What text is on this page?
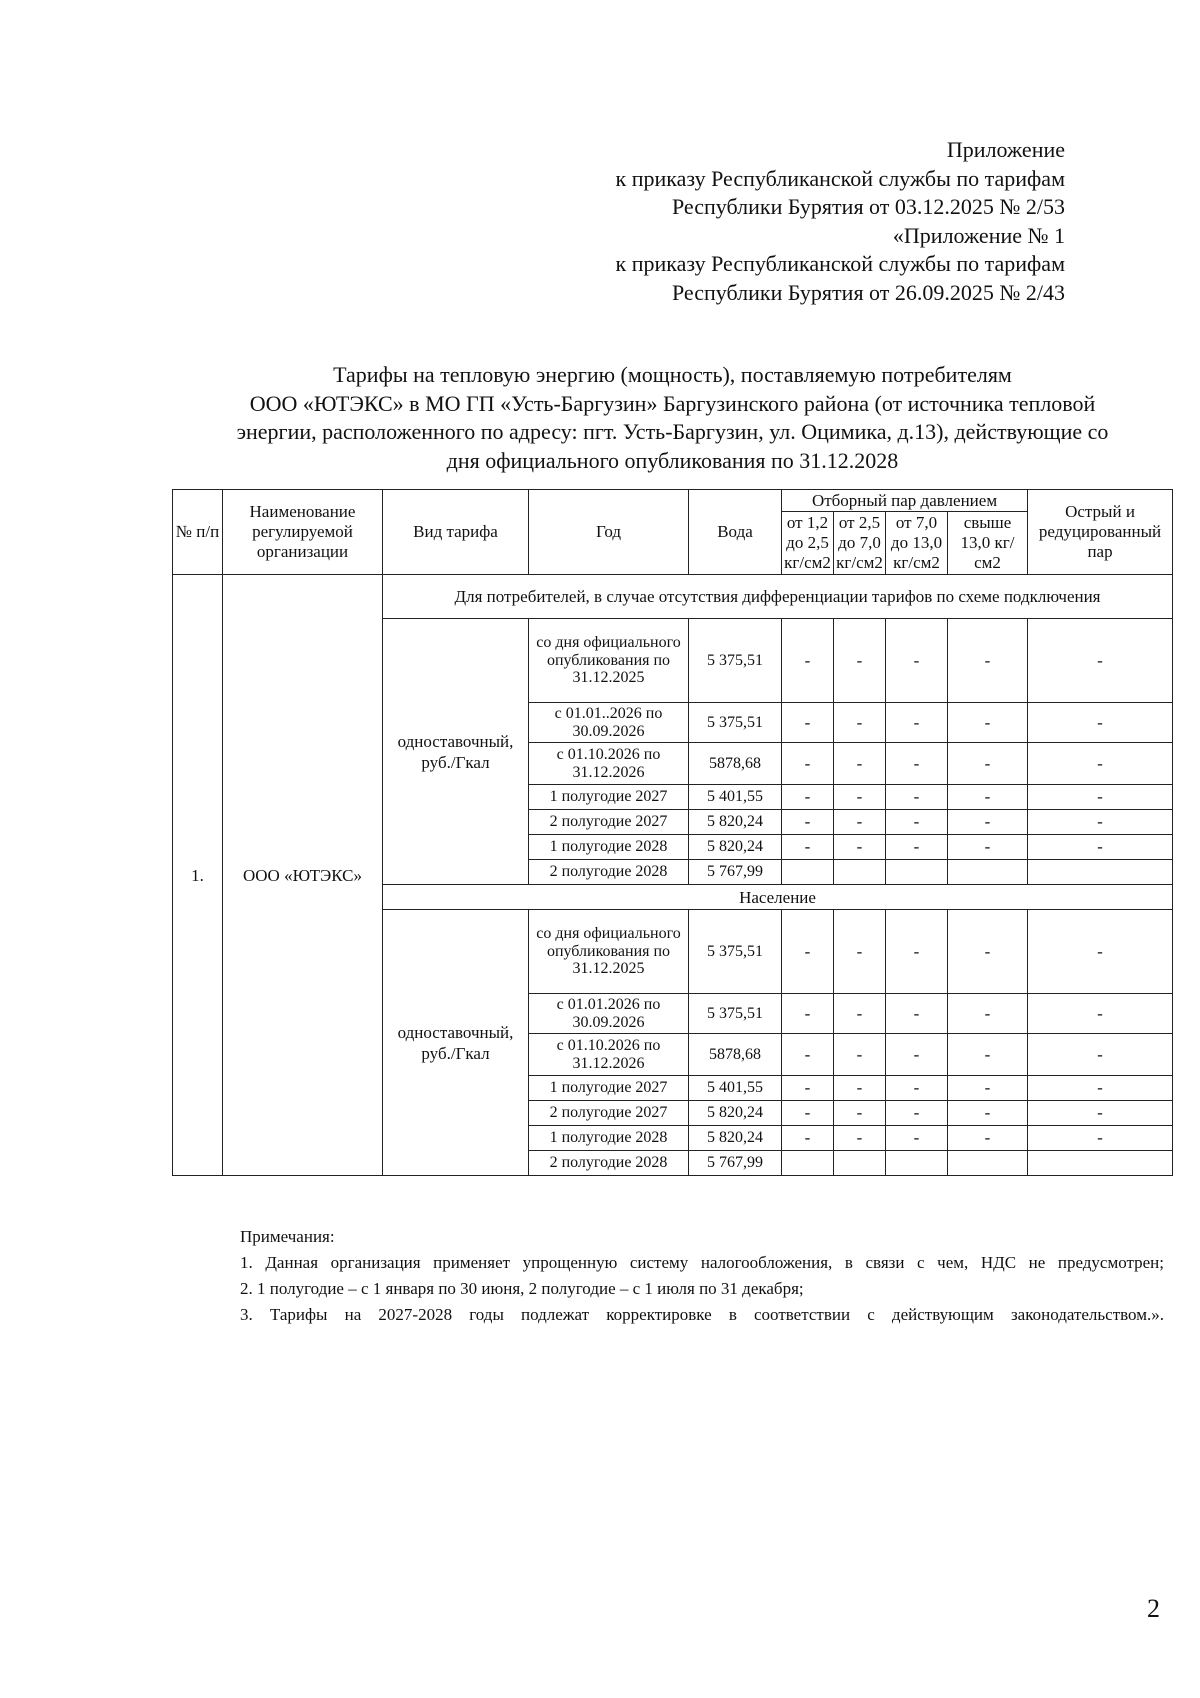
Приложение
к приказу Республиканской службы по тарифам
Республики Бурятия от 03.12.2025 № 2/53
«Приложение № 1
к приказу Республиканской службы по тарифам
Республики Бурятия от 26.09.2025 № 2/43
Тарифы на тепловую энергию (мощность), поставляемую потребителям
ООО «ЮТЭКС» в МО ГП «Усть-Баргузин» Баргузинского района (от источника тепловой
энергии, расположенного по адресу: пгт. Усть-Баргузин, ул. Оцимика, д.13), действующие со
дня официального опубликования по 31.12.2028
№ п/п	Наименование регулируемой организации	Вид тарифа	Год	Вода	Отборный пар давлением				Острый и редуцированный пар
					от 1,2 до 2,5 кг/см2	от 2,5 до 7,0 кг/см2	от 7,0 до 13,0 кг/см2	свыше 13,0 кг/см2	
1.	ООО «ЮТЭКС»	Для потребителей, в случае отсутствия дифференциации тарифов по схеме подключения							
		одноставочный, руб./Гкал	со дня официального опубликования по 31.12.2025	5 375,51	-	-	-	-	-
			с 01.01..2026 по 30.09.2026	5 375,51	-	-	-	-	-
			с 01.10.2026 по 31.12.2026	5878,68	-	-	-	-	-
			1 полугодие 2027	5 401,55	-	-	-	-	-
			2 полугодие 2027	5 820,24	-	-	-	-	-
			1 полугодие 2028	5 820,24	-	-	-	-	-
			2 полугодие 2028	5 767,99					
		Население							
		одноставочный, руб./Гкал	со дня официального опубликования по 31.12.2025	5 375,51	-	-	-	-	-
			с 01.01.2026 по 30.09.2026	5 375,51	-	-	-	-	-
			с 01.10.2026 по 31.12.2026	5878,68	-	-	-	-	-
			1 полугодие 2027	5 401,55	-	-	-	-	-
			2 полугодие 2027	5 820,24	-	-	-	-	-
			1 полугодие 2028	5 820,24	-	-	-	-	-
			2 полугодие 2028	5 767,99					
Примечания:
1. Данная организация применяет упрощенную систему налогообложения, в связи с чем, НДС не предусмотрен;
2. 1 полугодие – с 1 января по 30 июня, 2 полугодие – с 1 июля по 31 декабря;
3. Тарифы на 2027-2028 годы подлежат корректировке в соответствии с действующим законодательством.».
2
